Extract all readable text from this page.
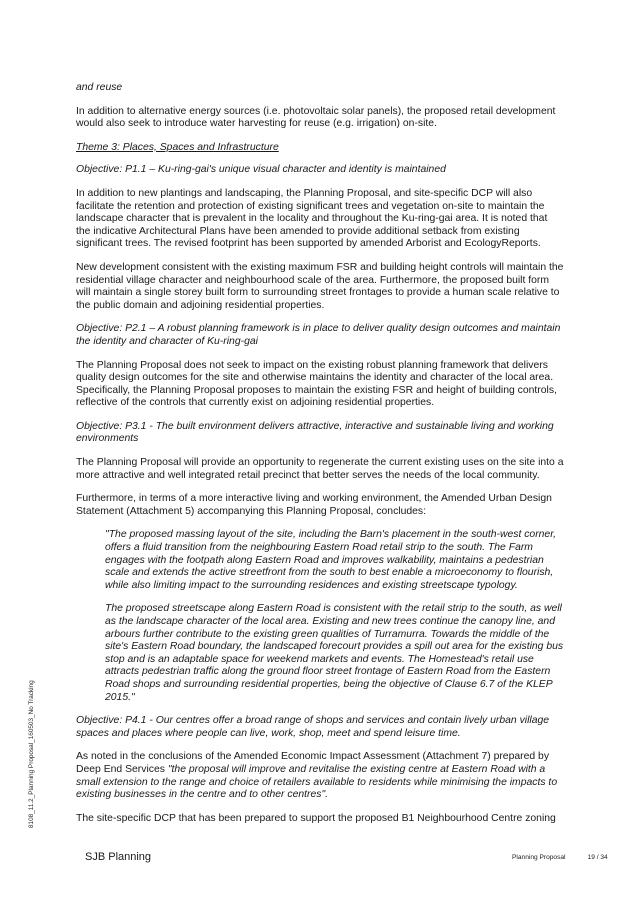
and reuse

In addition to alternative energy sources (i.e. photovoltaic solar panels), the proposed retail development would also seek to introduce water harvesting for reuse (e.g. irrigation) on-site.

Theme 3: Places, Spaces and Infrastructure

Objective: P1.1 – Ku-ring-gai's unique visual character and identity is maintained

In addition to new plantings and landscaping, the Planning Proposal, and site-specific DCP will also facilitate the retention and protection of existing significant trees and vegetation on-site to maintain the landscape character that is prevalent in the locality and throughout the Ku-ring-gai area. It is noted that the indicative Architectural Plans have been amended to provide additional setback from existing significant trees. The revised footprint has been supported by amended Arborist and EcologyReports.

New development consistent with the existing maximum FSR and building height controls will maintain the residential village character and neighbourhood scale of the area. Furthermore, the proposed built form will maintain a single storey built form to surrounding street frontages to provide a human scale relative to the public domain and adjoining residential properties.

Objective: P2.1 – A robust planning framework is in place to deliver quality design outcomes and maintain the identity and character of Ku-ring-gai

The Planning Proposal does not seek to impact on the existing robust planning framework that delivers quality design outcomes for the site and otherwise maintains the identity and character of the local area. Specifically, the Planning Proposal proposes to maintain the existing FSR and height of building controls, reflective of the controls that currently exist on adjoining residential properties.

Objective: P3.1 - The built environment delivers attractive, interactive and sustainable living and working environments

The Planning Proposal will provide an opportunity to regenerate the current existing uses on the site into a more attractive and well integrated retail precinct that better serves the needs of the local community.

Furthermore, in terms of a more interactive living and working environment, the Amended Urban Design Statement (Attachment 5) accompanying this Planning Proposal, concludes:

"The proposed massing layout of the site, including the Barn's placement in the south-west corner, offers a fluid transition from the neighbouring Eastern Road retail strip to the south. The Farm engages with the footpath along Eastern Road and improves walkability, maintains a pedestrian scale and extends the active streetfront from the south to best enable a microeconomy to flourish, while also limiting impact to the surrounding residences and existing streetscape typology.

The proposed streetscape along Eastern Road is consistent with the retail strip to the south, as well as the landscape character of the local area. Existing and new trees continue the canopy line, and arbours further contribute to the existing green qualities of Turramurra. Towards the middle of the site's Eastern Road boundary, the landscaped forecourt provides a spill out area for the existing bus stop and is an adaptable space for weekend markets and events. The Homestead's retail use attracts pedestrian traffic along the ground floor street frontage of Eastern Road from the Eastern Road shops and surrounding residential properties, being the objective of Clause 6.7 of the KLEP 2015."

Objective: P4.1 - Our centres offer a broad range of shops and services and contain lively urban village spaces and places where people can live, work, shop, meet and spend leisure time.

As noted in the conclusions of the Amended Economic Impact Assessment (Attachment 7) prepared by Deep End Services "the proposal will improve and revitalise the existing centre at Eastern Road with a small extension to the range and choice of retailers available to residents while minimising the impacts to existing businesses in the centre and to other centres".

The site-specific DCP that has been prepared to support the proposed B1 Neighbourhood Centre zoning

8108_11.2_Planning Proposal_160503_No Tracking
SJB Planning	Planning Proposal	19 / 34
